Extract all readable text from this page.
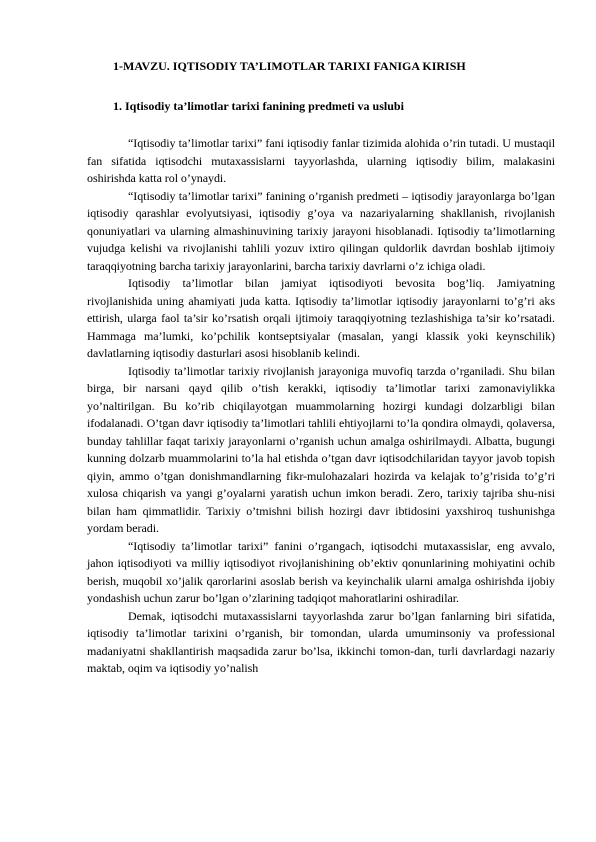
1-MAVZU. IQTISODIY TA’LIMOTLAR TARIXI FANIGA KIRISH
1. Iqtisodiy ta’limotlar tarixi fanining predmeti va uslubi

“Iqtisodiy ta’limotlar tarixi” fani iqtisodiy fanlar tizimida alohida o’rin tutadi. U mustaqil fan sifatida iqtisodchi mutaxassislarni tayyorlashda, ularning iqtisodiy bilim, malakasini oshirishda katta rol o’ynaydi.

“Iqtisodiy ta’limotlar tarixi” fanining o’rganish predmeti – iqtisodiy jarayonlarga bo’lgan iqtisodiy qarashlar evolyutsiyasi, iqtisodiy g’oya va nazariyalarning shakllanish, rivojlanish qonuniyatlari va ularning almashinuvining tarixiy jarayoni hisoblanadi. Iqtisodiy ta’limotlarning vujudga kelishi va rivojlanishi tahlili yozuv ixtiro qilingan quldorlik davrdan boshlab ijtimoiy taraqqiyotning barcha tarixiy jarayonlarini, barcha tarixiy davrlarni o’z ichiga oladi.

Iqtisodiy ta’limotlar bilan jamiyat iqtisodiyoti bevosita bog’liq. Jamiyatning rivojlanishida uning ahamiyati juda katta. Iqtisodiy ta’limotlar iqtisodiy jarayonlarni to’g’ri aks ettirish, ularga faol ta’sir ko’rsatish orqali ijtimoiy taraqqiyotning tezlashishiga ta’sir ko’rsatadi. Hammaga ma’lumki, ko’pchilik kontseptsiyalar (masalan, yangi klassik yoki keynschilik) davlatlarning iqtisodiy dasturlari asosi hisoblanib kelindi.

Iqtisodiy ta’limotlar tarixiy rivojlanish jarayoniga muvofiq tarzda o’rganiladi. Shu bilan birga, bir narsani qayd qilib o’tish kerakki, iqtisodiy ta’limotlar tarixi zamonaviylikka yo’naltirilgan. Bu ko’rib chiqilayotgan muammolarning hozirgi kundagi dolzarbligi bilan ifodalanadi. O’tgan davr iqtisodiy ta’limotlari tahlili ehtiyojlarni to’la qondira olmaydi, qolaversa, bunday tahlillar faqat tarixiy jarayonlarni o’rganish uchun amalga oshirilmaydi. Albatta, bugungi kunning dolzarb muammolarini to’la hal etishda o’tgan davr iqtisodchilaridan tayyor javob topish qiyin, ammo o’tgan donishmandlarning fikr-mulohazalari hozirda va kelajak to’g’risida to’g’ri xulosa chiqarish va yangi g’oyalarni yaratish uchun imkon beradi. Zero, tarixiy tajriba shu-nisi bilan ham qimmatlidir. Tarixiy o’tmishni bilish hozirgi davr ibtidosini yaxshiroq tushunishga yordam beradi.

“Iqtisodiy ta’limotlar tarixi” fanini o’rgangach, iqtisodchi mutaxassislar, eng avvalo, jahon iqtisodiyoti va milliy iqtisodiyot rivojlanishining ob’ektiv qonunlarining mohiyatini ochib berish, muqobil xo’jalik qarorlarini asoslab berish va keyinchalik ularni amalga oshirishda ijobiy yondashish uchun zarur bo’lgan o’zlarining tadqiqot mahoratlarini oshiradilar.

Demak, iqtisodchi mutaxassislarni tayyorlashda zarur bo’lgan fanlarning biri sifatida, iqtisodiy ta’limotlar tarixini o’rganish, bir tomondan, ularda umuminsoniy va professional madaniyatni shakllantirish maqsadida zarur bo’lsa, ikkinchi tomon-dan, turli davrlardagi nazariy maktab, oqim va iqtisodiy yo’nalish
